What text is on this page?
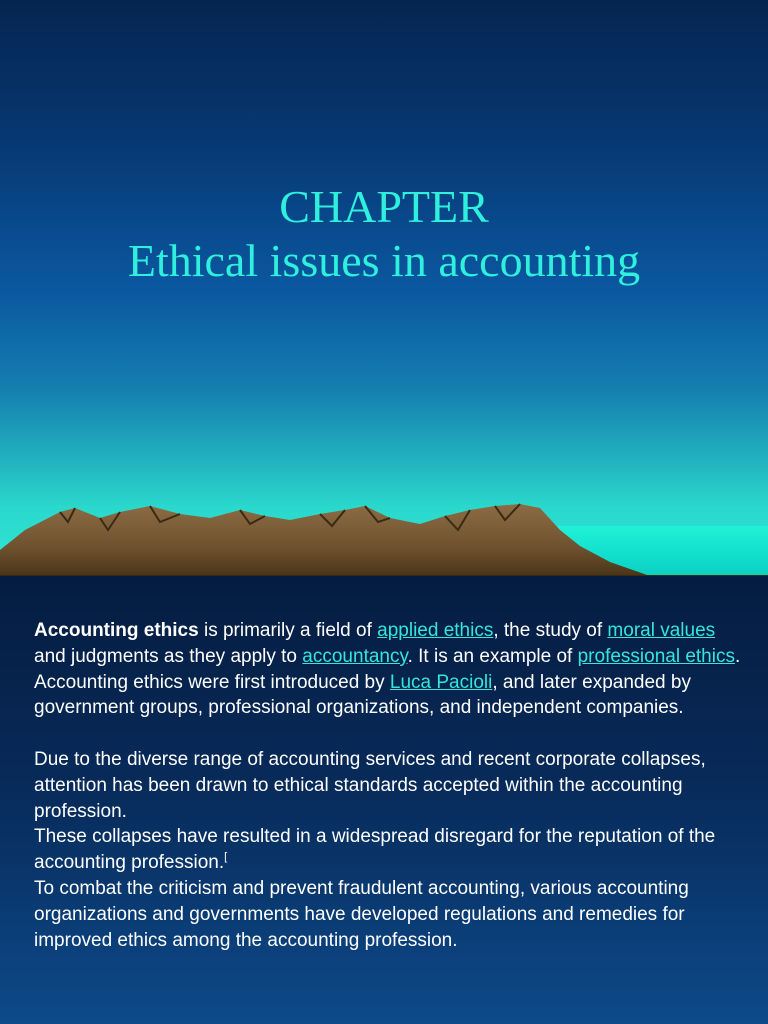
CHAPTER
Ethical issues in accounting

Accounting ethics is primarily a field of applied ethics, the study of moral values and judgments as they apply to accountancy. It is an example of professional ethics.

Accounting ethics were first introduced by Luca Pacioli, and later expanded by government groups, professional organizations, and independent companies.

Due to the diverse range of accounting services and recent corporate collapses, attention has been drawn to ethical standards accepted within the accounting profession.

These collapses have resulted in a widespread disregard for the reputation of the accounting profession.[

To combat the criticism and prevent fraudulent accounting, various accounting organizations and governments have developed regulations and remedies for improved ethics among the accounting profession.
